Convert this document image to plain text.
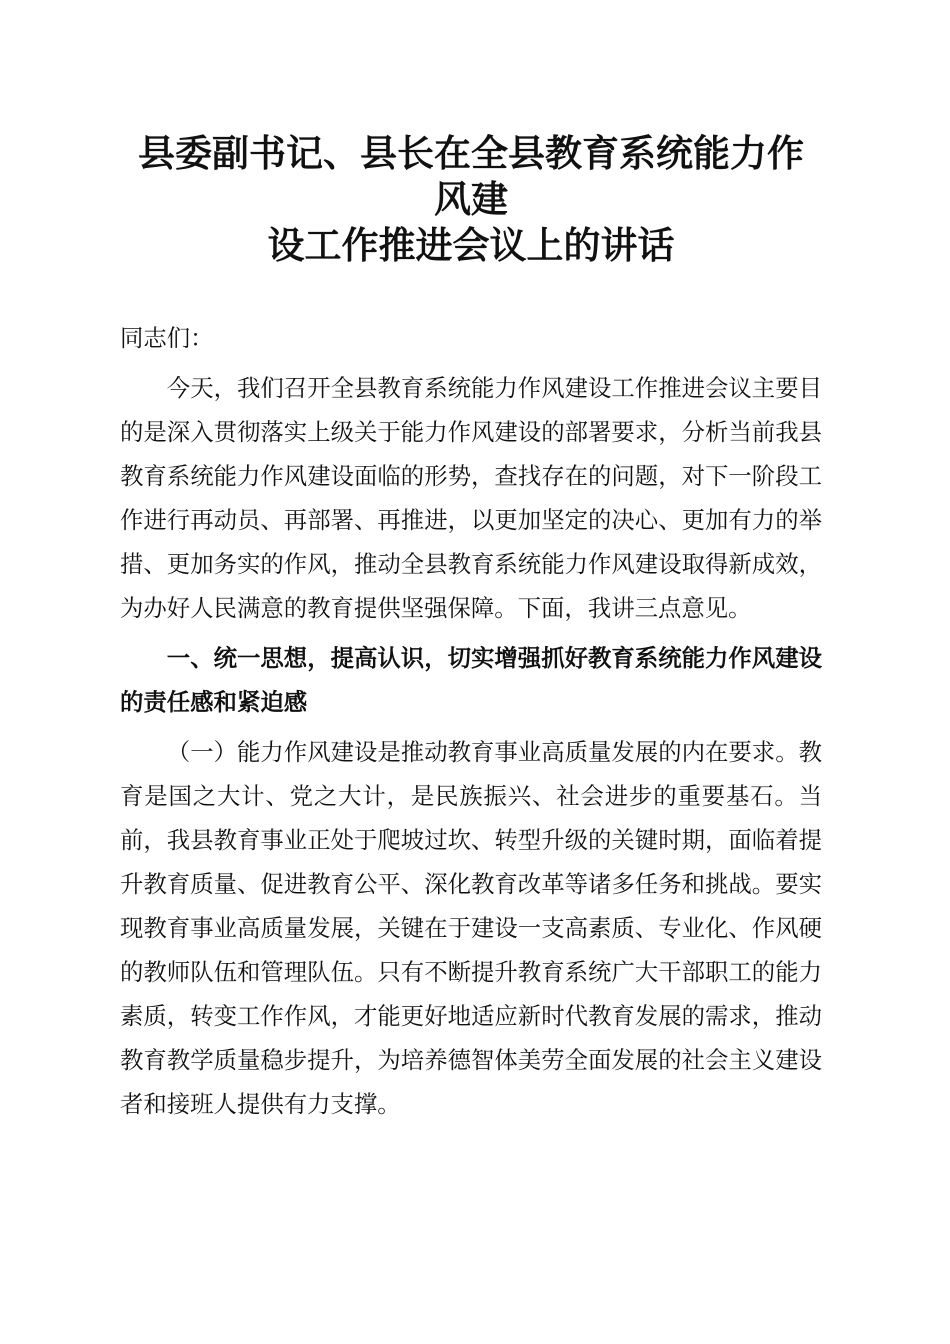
县委副书记、县长在全县教育系统能力作风建
设工作推进会议上的讲话

同志们：

今天，我们召开全县教育系统能力作风建设工作推进会议主要目的是深入贯彻落实上级关于能力作风建设的部署要求，分析当前我县教育系统能力作风建设面临的形势，查找存在的问题，对下一阶段工作进行再动员、再部署、再推进，以更加坚定的决心、更加有力的举措、更加务实的作风，推动全县教育系统能力作风建设取得新成效，为办好人民满意的教育提供坚强保障。下面，我讲三点意见。

一、统一思想，提高认识，切实增强抓好教育系统能力作风建设的责任感和紧迫感

（一）能力作风建设是推动教育事业高质量发展的内在要求。教育是国之大计、党之大计，是民族振兴、社会进步的重要基石。当前，我县教育事业正处于爬坡过坎、转型升级的关键时期，面临着提升教育质量、促进教育公平、深化教育改革等诸多任务和挑战。要实现教育事业高质量发展，关键在于建设一支高素质、专业化、作风硬的教师队伍和管理队伍。只有不断提升教育系统广大干部职工的能力素质，转变工作作风，才能更好地适应新时代教育发展的需求，推动教育教学质量稳步提升，为培养德智体美劳全面发展的社会主义建设者和接班人提供有力支撑。
